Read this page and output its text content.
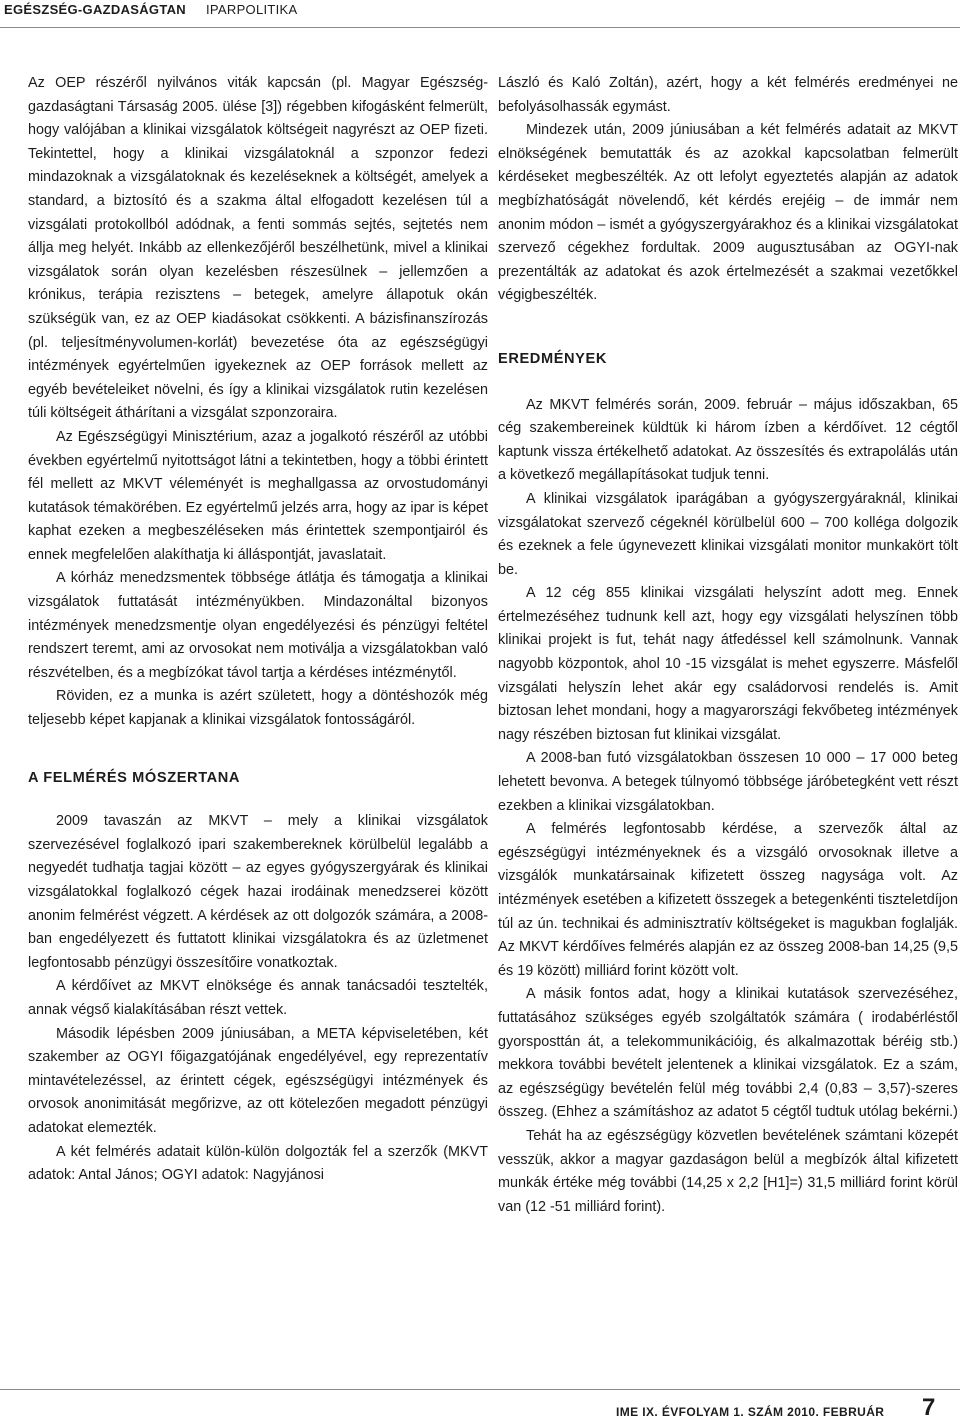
EGÉSZSÉG-GAZDASÁGTAN IPARPOLITIKA

Az OEP részéről nyilvános viták kapcsán (pl. Magyar Egészség-gazdaságtani Társaság 2005. ülése [3]) régebben kifogásként felmerült, hogy valójában a klinikai vizsgálatok költségeit nagyrészt az OEP fizeti. Tekintettel, hogy a klinikai vizsgálatoknál a szponzor fedezi mindazoknak a vizsgálatoknak és kezeléseknek a költségét, amelyek a standard, a biztosító és a szakma által elfogadott kezelésen túl a vizsgálati protokollból adódnak, a fenti sommás sejtés, sejtetés nem állja meg helyét. Inkább az ellenkezőjéről beszélhetünk, mivel a klinikai vizsgálatok során olyan kezelésben részesülnek – jellemzően a krónikus, terápia rezisztens – betegek, amelyre állapotuk okán szükségük van, ez az OEP kiadásokat csökkenti. A bázisfinanszírozás (pl. teljesítményvolumen-korlát) bevezetése óta az egészségügyi intézmények egyértelműen igyekeznek az OEP források mellett az egyéb bevételeiket növelni, és így a klinikai vizsgálatok rutin kezelésen túli költségeit áthárítani a vizsgálat szponzoraira.

Az Egészségügyi Minisztérium, azaz a jogalkotó részéről az utóbbi években egyértelmű nyitottságot látni a tekintetben, hogy a többi érintett fél mellett az MKVT véleményét is meghallgassa az orvostudományi kutatások témakörében. Ez egyértelmű jelzés arra, hogy az ipar is képet kaphat ezeken a megbeszéléseken más érintettek szempontjairól és ennek megfelelően alakíthatja ki álláspontját, javaslatait.

A kórház menedzsmentek többsége átlátja és támogatja a klinikai vizsgálatok futtatását intézményükben. Mindazonáltal bizonyos intézmények menedzsmentje olyan engedélyezési és pénzügyi feltétel rendszert teremt, ami az orvosokat nem motiválja a vizsgálatokban való részvételben, és a megbízókat távol tartja a kérdéses intézménytől.

Röviden, ez a munka is azért született, hogy a döntéshozók még teljesebb képet kapjanak a klinikai vizsgálatok fontosságáról.

A FELMÉRÉS MÓSZERTANA

2009 tavaszán az MKVT – mely a klinikai vizsgálatok szervezésével foglalkozó ipari szakembereknek körülbelül legalább a negyedét tudhatja tagjai között – az egyes gyógyszergyárak és klinikai vizsgálatokkal foglalkozó cégek hazai irodáinak menedzserei között anonim felmérést végzett. A kérdések az ott dolgozók számára, a 2008-ban engedélyezett és futtatott klinikai vizsgálatokra és az üzletmenet legfontosabb pénzügyi összesítőire vonatkoztak.

A kérdőívet az MKVT elnöksége és annak tanácsadói tesztelték, annak végső kialakításában részt vettek.

Második lépésben 2009 júniusában, a META képviseletében, két szakember az OGYI főigazgatójának engedélyével, egy reprezentatív mintavételezéssel, az érintett cégek, egészségügyi intézmények és orvosok anonimitását megőrizve, az ott kötelezően megadott pénzügyi adatokat elemezték.

A két felmérés adatait külön-külön dolgozták fel a szerzők (MKVT adatok: Antal János; OGYI adatok: Nagyjánosi

László és Kaló Zoltán), azért, hogy a két felmérés eredményei ne befolyásolhassák egymást.

Mindezek után, 2009 júniusában a két felmérés adatait az MKVT elnökségének bemutatták és az azokkal kapcsolatban felmerült kérdéseket megbeszélték. Az ott lefolyt egyeztetés alapján az adatok megbízhatóságát növelendő, két kérdés erejéig – de immár nem anonim módon – ismét a gyógyszergyárakhoz és a klinikai vizsgálatokat szervező cégekhez fordultak. 2009 augusztusában az OGYI-nak prezentálták az adatokat és azok értelmezését a szakmai vezetőkkel végigbeszélték.

EREDMÉNYEK

Az MKVT felmérés során, 2009. február – május időszakban, 65 cég szakembereinek küldtük ki három ízben a kérdőívet. 12 cégtől kaptunk vissza értékelhető adatokat. Az összesítés és extrapolálás után a következő megállapításokat tudjuk tenni.

A klinikai vizsgálatok iparágában a gyógyszergyáraknál, klinikai vizsgálatokat szervező cégeknél körülbelül 600 – 700 kolléga dolgozik és ezeknek a fele úgynevezett klinikai vizsgálati monitor munkakört tölt be.

A 12 cég 855 klinikai vizsgálati helyszínt adott meg. Ennek értelmezéséhez tudnunk kell azt, hogy egy vizsgálati helyszínen több klinikai projekt is fut, tehát nagy átfedéssel kell számolnunk. Vannak nagyobb központok, ahol 10 -15 vizsgálat is mehet egyszerre. Másfelől vizsgálati helyszín lehet akár egy családorvosi rendelés is. Amit biztosan lehet mondani, hogy a magyarországi fekvőbeteg intézmények nagy részében biztosan fut klinikai vizsgálat.

A 2008-ban futó vizsgálatokban összesen 10 000 – 17 000 beteg lehetett bevonva. A betegek túlnyomó többsége járóbetegként vett részt ezekben a klinikai vizsgálatokban.

A felmérés legfontosabb kérdése, a szervezők által az egészségügyi intézményeknek és a vizsgáló orvosoknak illetve a vizsgálók munkatársainak kifizetett összeg nagysága volt. Az intézmények esetében a kifizetett összegek a betegenkénti tiszteletdíjon túl az ún. technikai és adminisztratív költségeket is magukban foglalják. Az MKVT kérdőíves felmérés alapján ez az összeg 2008-ban 14,25 (9,5 és 19 között) milliárd forint között volt.

A másik fontos adat, hogy a klinikai kutatások szervezéséhez, futtatásához szükséges egyéb szolgáltatók számára ( irodabérléstől gyorsposttán át, a telekommunikációig, és alkalmazottak béréig stb.) mekkora további bevételt jelentenek a klinikai vizsgálatok. Ez a szám, az egészségügy bevételén felül még további 2,4 (0,83 – 3,57)-szeres összeg. (Ehhez a számításhoz az adatot 5 cégtől tudtuk utólag bekérni.)

Tehát ha az egészségügy közvetlen bevételének számtani közepét vesszük, akkor a magyar gazdaságon belül a megbízók által kifizetett munkák értéke még további (14,25 x 2,2 [H1]=) 31,5 milliárd forint körül van (12 -51 milliárd forint).

IME IX. ÉVFOLYAM 1. SZÁM 2010. FEBRUÁR 7
